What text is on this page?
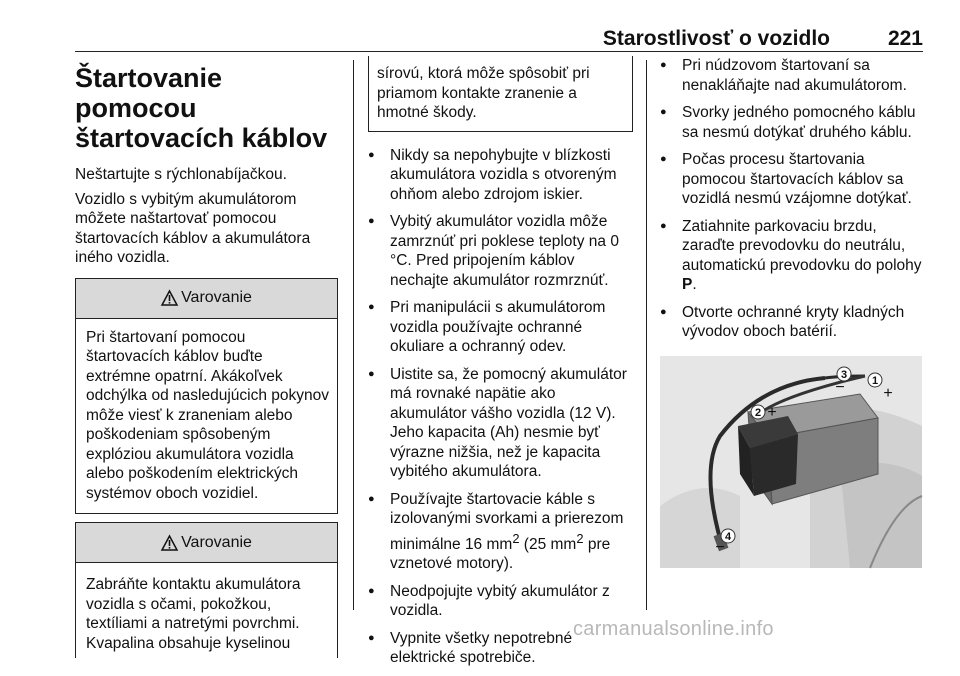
Starostlivosť o vozidlo	221
Štartovanie pomocou
štartovacích káblov

Neštartujte s rýchlonabíjačkou.

Vozidlo s vybitým akumulátorom môžete naštartovať pomocou štartovacích káblov a akumulátora iného vozidla.

Varovanie
Pri štartovaní pomocou štartovacích káblov buďte extrémne opatrní. Akákoľvek odchýlka od nasledujúcich pokynov môže viesť k zraneniam alebo poškodeniam spôsobeným explóziou akumulátora vozidla alebo poškodením elektrických systémov oboch vozidiel.
Varovanie
Zabráňte kontaktu akumulátora vozidla s očami, pokožkou, textíliami a natretými povrchmi. Kvapalina obsahuje kyselinou
sírovú, ktorá môže spôsobiť pri priamom kontakte zranenie a hmotné škody.
● Nikdy sa nepohybujte v blízkosti akumulátora vozidla s otvoreným ohňom alebo zdrojom iskier.
● Vybitý akumulátor vozidla môže zamrznúť pri poklese teploty na 0 °C. Pred pripojením káblov nechajte akumulátor rozmrznúť.
● Pri manipulácii s akumulátorom vozidla používajte ochranné okuliare a ochranný odev.
● Uistite sa, že pomocný akumulátor má rovnaké napätie ako akumulátor vášho vozidla (12 V). Jeho kapacita (Ah) nesmie byť výrazne nižšia, než je kapacita vybitého akumulátora.
● Používajte štartovacie káble s izolovanými svorkami a prierezom minimálne 16 $mm^2$ (25 $mm^2$ pre vznetové motory).
● Neodpojujte vybitý akumulátor z vozidla.
● Vypnite všetky nepotrebné elektrické spotrebiče.
● Pri núdzovom štartovaní sa nenakláňajte nad akumulátorom.
● Svorky jedného pomocného káblu sa nesmú dotýkať druhého káblu.
● Počas procesu štartovania pomocou štartovacích káblov sa vozidlá nesmú vzájomne dotýkať.
● Zatiahnite parkovaciu brzdu, zaraďte prevodovku do neutrálu, automatickú prevodovku do polohy P.
● Otvorte ochranné kryty kladných vývodov oboch batérií.
3
− 1
+
2 +
4
−
carmanualsonline.info
